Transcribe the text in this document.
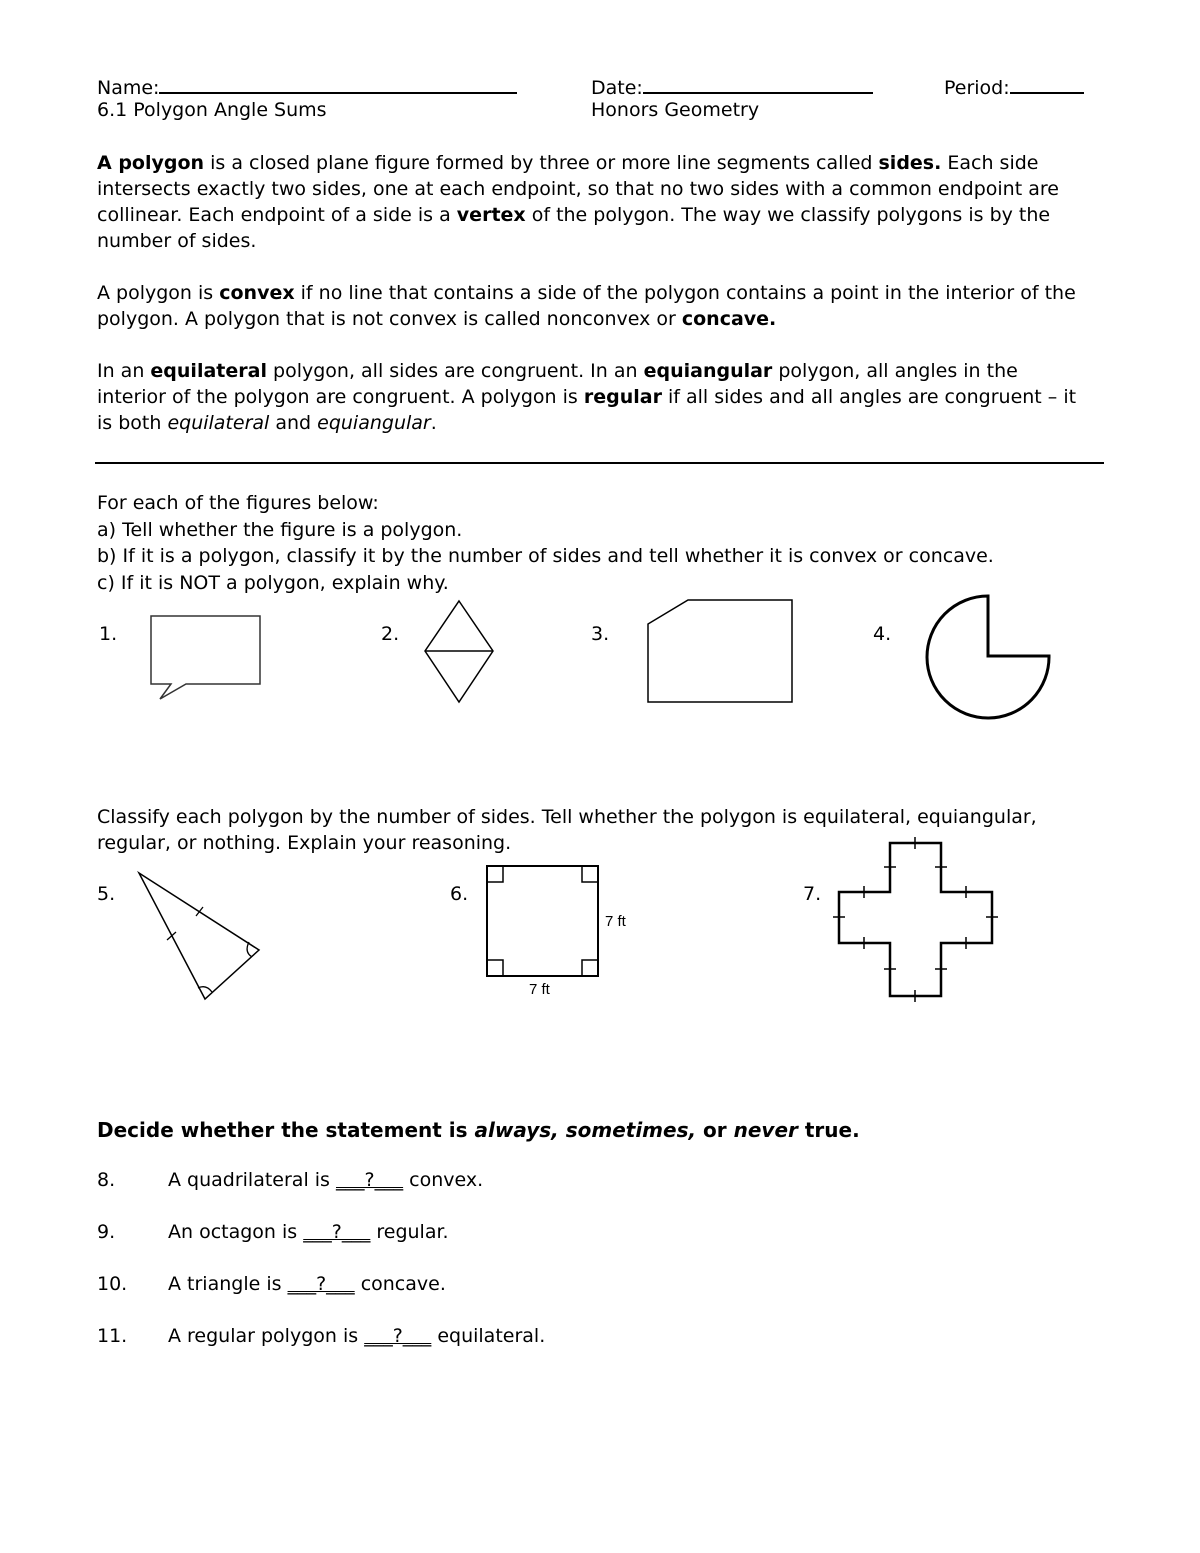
Name:	Date:	Period:
6.1 Polygon Angle Sums	Honors Geometry
A polygon is a closed plane figure formed by three or more line segments called sides. Each side
intersects exactly two sides, one at each endpoint, so that no two sides with a common endpoint are
collinear. Each endpoint of a side is a vertex of the polygon. The way we classify polygons is by the
number of sides.
A polygon is convex if no line that contains a side of the polygon contains a point in the interior of the
polygon. A polygon that is not convex is called nonconvex or concave.
In an equilateral polygon, all sides are congruent. In an equiangular polygon, all angles in the
interior of the polygon are congruent. A polygon is regular if all sides and all angles are congruent – it
is both equilateral and equiangular.
For each of the figures below:
a) Tell whether the figure is a polygon.
b) If it is a polygon, classify it by the number of sides and tell whether it is convex or concave.
c) If it is NOT a polygon, explain why.
1.	2.	3.	4.
Classify each polygon by the number of sides. Tell whether the polygon is equilateral, equiangular,
regular, or nothing. Explain your reasoning.
5.	6.	7.
7 ft
7 ft
Decide whether the statement is always, sometimes, or never true.
8.	A quadrilateral is ___?___ convex.
9.	An octagon is ___?___ regular.
10. A triangle is ___?___ concave.
11. A regular polygon is ___?___ equilateral.
